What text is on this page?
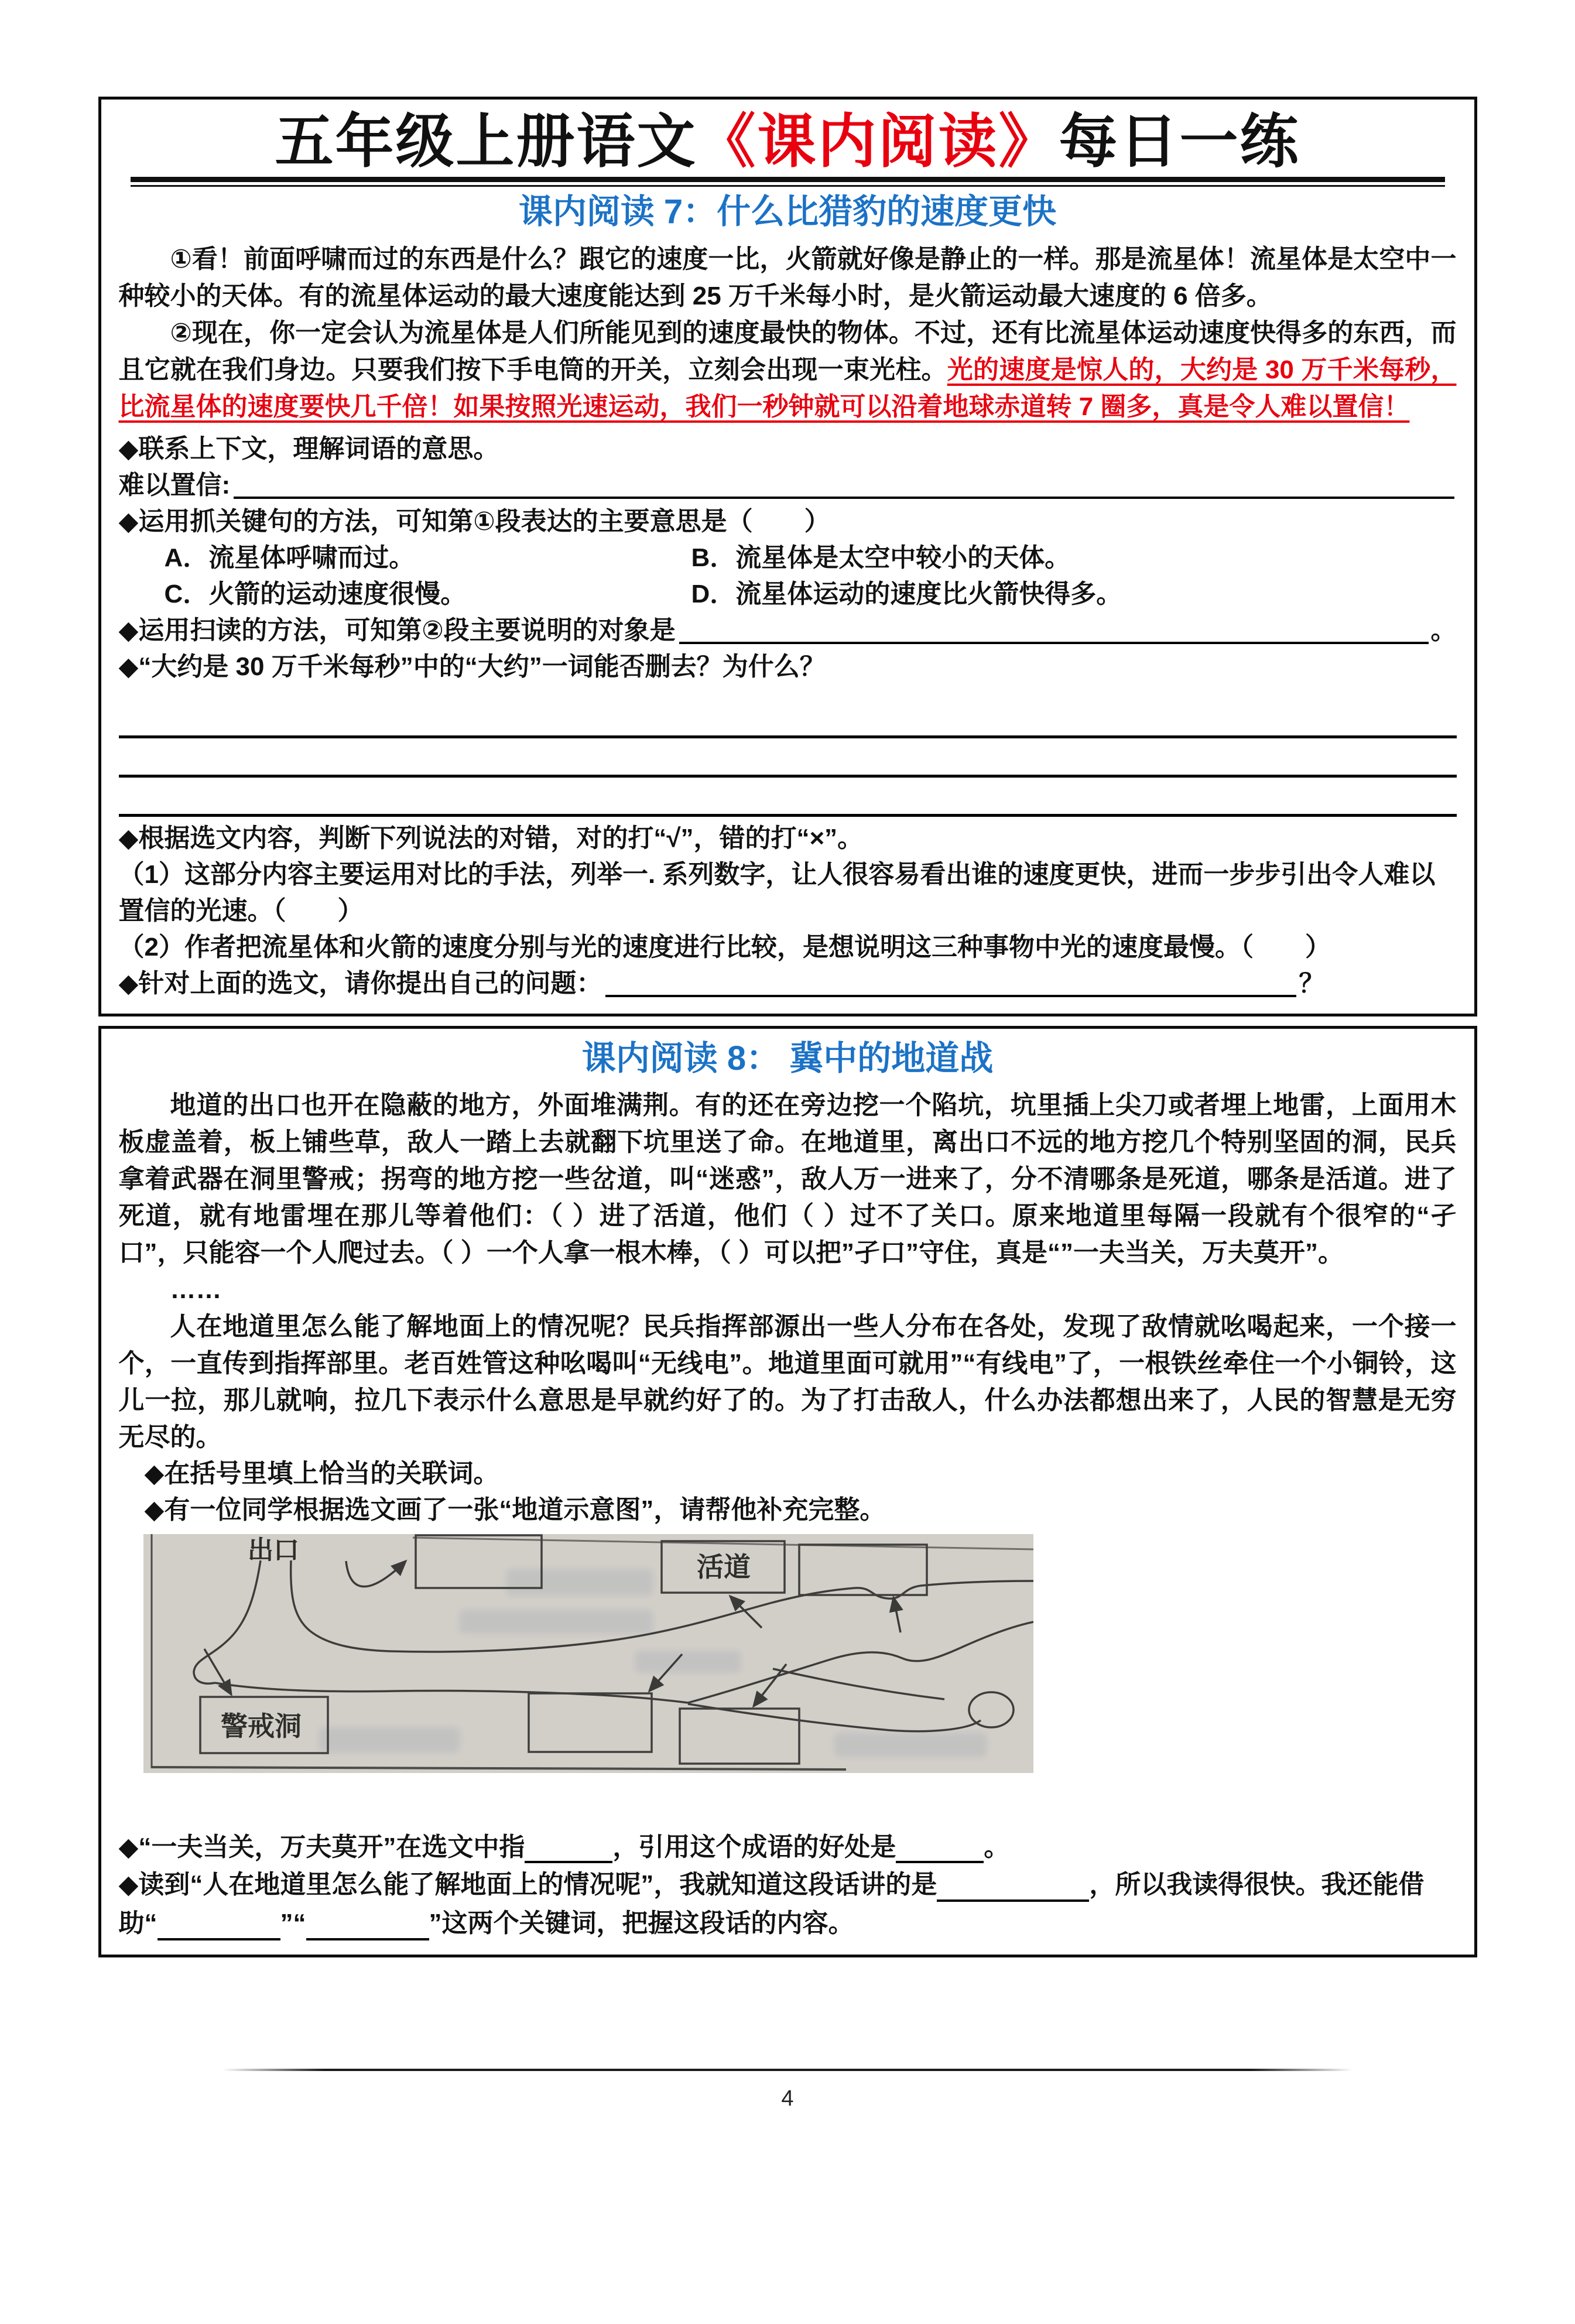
五年级上册语文《课内阅读》每日一练
课内阅读 7：什么比猎豹的速度更快

①看！前面呼啸而过的东西是什么？跟它的速度一比，火箭就好像是静止的一样。那是流星体！流星体是太空中一种较小的天体。有的流星体运动的最大速度能达到 25 万千米每小时，是火箭运动最大速度的 6 倍多。

②现在，你一定会认为流星体是人们所能见到的速度最快的物体。不过，还有比流星体运动速度快得多的东西，而且它就在我们身边。只要我们按下手电筒的开关，立刻会出现一束光柱。光的速度是惊人的，大约是 30 万千米每秒，比流星体的速度要快几千倍！如果按照光速运动，我们一秒钟就可以沿着地球赤道转 7 圈多，真是令人难以置信！

◆联系上下文，理解词语的意思。

难以置信:

◆运用抓关键句的方法，可知第①段表达的主要意思是（　　）

A．流星体呼啸而过。	B．流星体是太空中较小的天体。
C．火箭的运动速度很慢。	D．流星体运动的速度比火箭快得多。
◆运用扫读的方法，可知第②段主要说明的对象是	。

◆“大约是 30 万千米每秒”中的“大约”一词能否删去？为什么？

◆根据选文内容，判断下列说法的对错，对的打“√”，错的打“×”。

（1）这部分内容主要运用对比的手法，列举一. 系列数字，让人很容易看出谁的速度更快，进而一步步引出令人难以置信的光速。（　　）

（2）作者把流星体和火箭的速度分别与光的速度进行比较，是想说明这三种事物中光的速度最慢。（　　）

◆针对上面的选文，请你提出自己的问题：	？
课内阅读 8： 冀中的地道战

地道的出口也开在隐蔽的地方，外面堆满荆。有的还在旁边挖一个陷坑，坑里插上尖刀或者埋上地雷，上面用木板虚盖着，板上铺些草，敌人一踏上去就翻下坑里送了命。在地道里，离出口不远的地方挖几个特别坚固的洞，民兵拿着武器在洞里警戒；拐弯的地方挖一些岔道，叫“迷惑”，敌人万一进来了，分不清哪条是死道，哪条是活道。进了死道，就有地雷埋在那儿等着他们：（ ）进了活道，他们（ ）过不了关口。原来地道里每隔一段就有个很窄的“孑口”，只能容一个人爬过去。（ ）一个人拿一根木棒，（ ）可以把”孑口”守住，真是“”一夫当关，万夫莫开”。

……

人在地道里怎么能了解地面上的情况呢？民兵指挥部源出一些人分布在各处，发现了敌情就吆喝起来，一个接一个，一直传到指挥部里。老百姓管这种吆喝叫“无线电”。地道里面可就用”“有线电”了，一根铁丝牵住一个小铜铃，这儿一拉，那儿就响，拉几下表示什么意思是早就约好了的。为了打击敌人，什么办法都想出来了，人民的智慧是无穷无尽的。

◆在括号里填上恰当的关联词。

◆有一位同学根据选文画了一张“地道示意图”，请帮他补充完整。

出口
活道
警戒洞

◆“一夫当关，万夫莫开”在选文中指	，引用这个成语的好处是	。

◆读到“人在地道里怎么能了解地面上的情况呢”，我就知道这段话讲的是	，所以我读得很快。我还能借助“	”“	”这两个关键词，把握这段话的内容。

4
